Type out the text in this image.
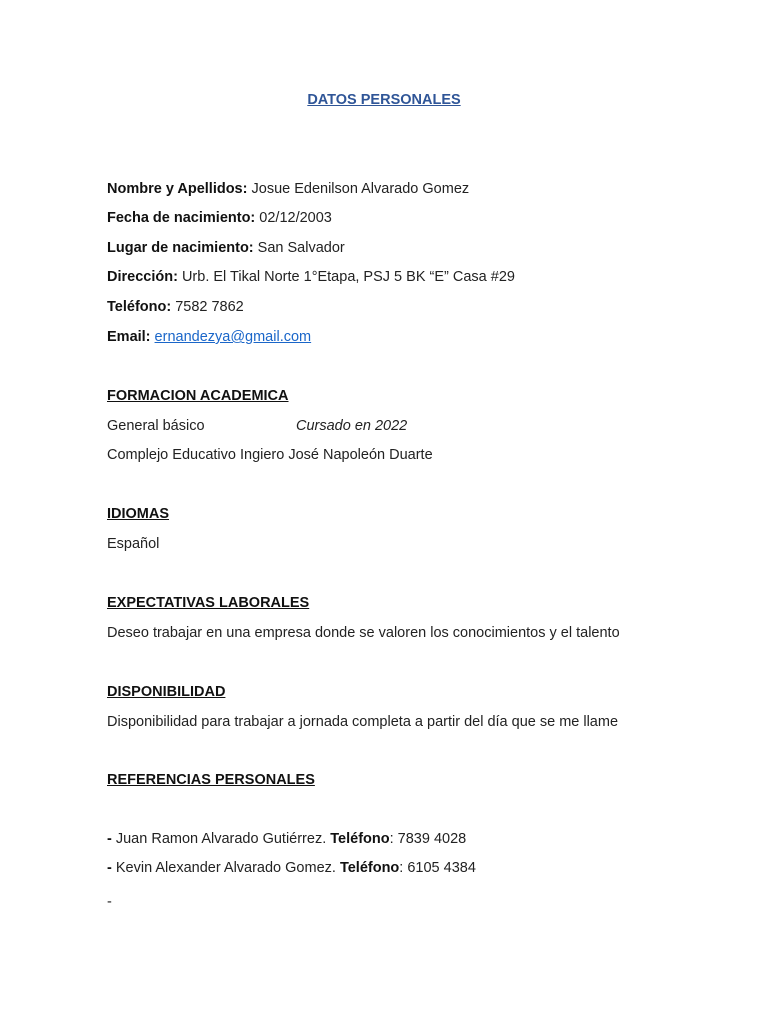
DATOS PERSONALES
Nombre y Apellidos: Josue Edenilson Alvarado Gomez
Fecha de nacimiento: 02/12/2003
Lugar de nacimiento: San Salvador
Dirección: Urb. El Tikal Norte 1°Etapa, PSJ 5 BK “E” Casa #29
Teléfono: 7582 7862
Email: ernandezya@gmail.com
FORMACION ACADEMICA
General básico	Cursado en 2022
Complejo Educativo Ingiero José Napoleón Duarte
IDIOMAS
Español
EXPECTATIVAS LABORALES
Deseo trabajar en una empresa donde se valoren los conocimientos y el talento
DISPONIBILIDAD
Disponibilidad para trabajar a jornada completa a partir del día que se me llame
REFERENCIAS PERSONALES
- Juan Ramon Alvarado Gutiérrez. Teléfono: 7839 4028
- Kevin Alexander Alvarado Gomez. Teléfono: 6105 4384
-
